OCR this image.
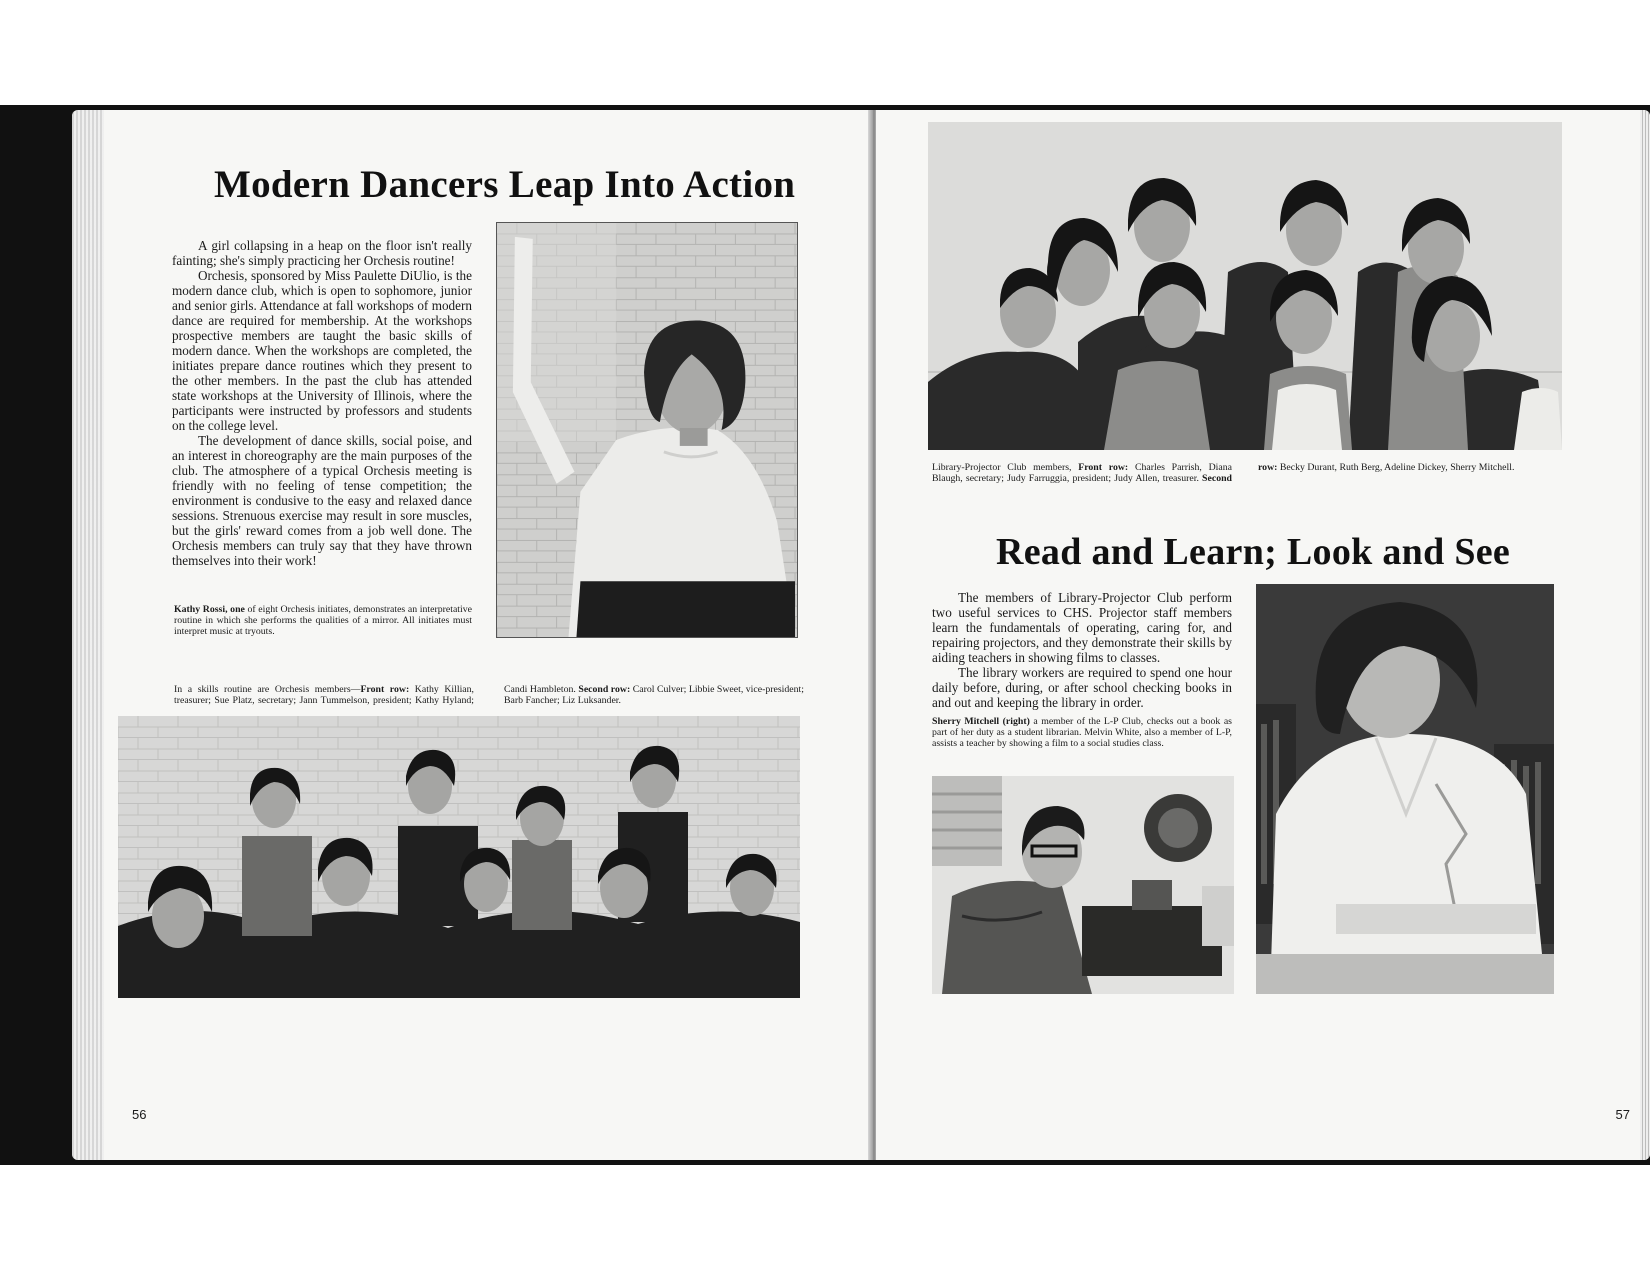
Modern Dancers Leap Into Action

A girl collapsing in a heap on the floor isn't really fainting; she's simply practicing her Orchesis routine!

Orchesis, sponsored by Miss Paulette DiUlio, is the modern dance club, which is open to sophomore, junior and senior girls. Attendance at fall workshops of modern dance are required for membership. At the workshops prospective members are taught the basic skills of modern dance. When the workshops are completed, the initiates prepare dance routines which they present to the other members. In the past the club has attended state workshops at the University of Illinois, where the participants were instructed by professors and students on the college level.

The development of dance skills, social poise, and an interest in choreography are the main purposes of the club. The atmosphere of a typical Orchesis meeting is friendly with no feeling of tense competition; the environment is condusive to the easy and relaxed dance sessions. Strenuous exercise may result in sore muscles, but the girls' reward comes from a job well done. The Orchesis members can truly say that they have thrown themselves into their work!

Kathy Rossi, one of eight Orchesis initiates, demonstrates an interpretative routine in which she performs the qualities of a mirror. All initiates must interpret music at tryouts.

In a skills routine are Orchesis members—Front row: Kathy Killian, treasurer; Sue Platz, secretary; Jann Tummelson, president; Kathy Hyland; Candi Hambleton. Second row: Carol Culver; Libbie Sweet, vice-president; Barb Fancher; Liz Luksander.
56
Library-Projector Club members, Front row: Charles Parrish, Diana Blaugh, secretary; Judy Farruggia, president; Judy Allen, treasurer. Second row: Becky Durant, Ruth Berg, Adeline Dickey, Sherry Mitchell.
Read and Learn; Look and See

The members of Library-Projector Club perform two useful services to CHS. Projector staff members learn the fundamentals of operating, caring for, and repairing projectors, and they demonstrate their skills by aiding teachers in showing films to classes.

The library workers are required to spend one hour daily before, during, or after school checking books in and out and keeping the library in order.

Sherry Mitchell (right) a member of the L-P Club, checks out a book as part of her duty as a student librarian. Melvin White, also a member of L-P, assists a teacher by showing a film to a social studies class.

57
